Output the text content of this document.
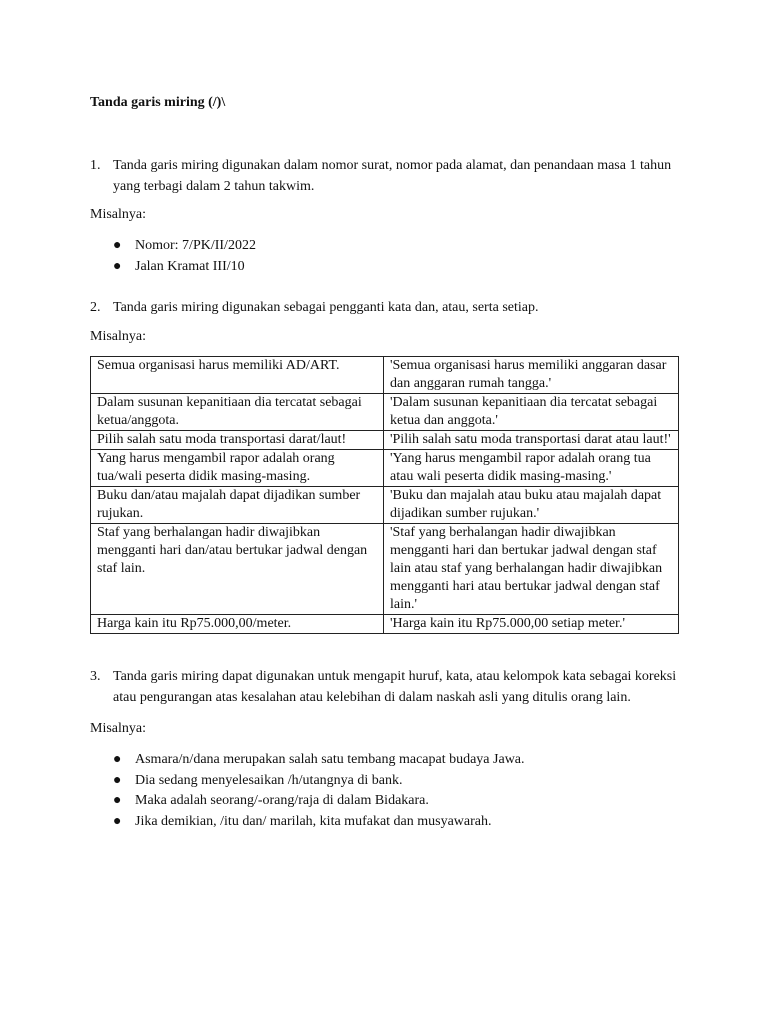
Tanda garis miring (/)\

1. Tanda garis miring digunakan dalam nomor surat, nomor pada alamat, dan penandaan masa 1 tahun yang terbagi dalam 2 tahun takwim.

Misalnya:

● Nomor: 7/PK/II/2022
● Jalan Kramat III/10

2. Tanda garis miring digunakan sebagai pengganti kata dan, atau, serta setiap.

Misalnya:

Semua organisasi harus memiliki AD/ART.	'Semua organisasi harus memiliki anggaran dasar dan anggaran rumah tangga.'
Dalam susunan kepanitiaan dia tercatat sebagai ketua/anggota.	'Dalam susunan kepanitiaan dia tercatat sebagai ketua dan anggota.'
Pilih salah satu moda transportasi darat/laut!	'Pilih salah satu moda transportasi darat atau laut!'
Yang harus mengambil rapor adalah orang tua/wali peserta didik masing-masing.	'Yang harus mengambil rapor adalah orang tua atau wali peserta didik masing-masing.'
Buku dan/atau majalah dapat dijadikan sumber rujukan.	'Buku dan majalah atau buku atau majalah dapat dijadikan sumber rujukan.'
Staf yang berhalangan hadir diwajibkan mengganti hari dan/atau bertukar jadwal dengan staf lain.	'Staf yang berhalangan hadir diwajibkan mengganti hari dan bertukar jadwal dengan staf lain atau staf yang berhalangan hadir diwajibkan mengganti hari atau bertukar jadwal dengan staf lain.'
Harga kain itu Rp75.000,00/meter.	'Harga kain itu Rp75.000,00 setiap meter.'

3. Tanda garis miring dapat digunakan untuk mengapit huruf, kata, atau kelompok kata sebagai koreksi atau pengurangan atas kesalahan atau kelebihan di dalam naskah asli yang ditulis orang lain.

Misalnya:

● Asmara/n/dana merupakan salah satu tembang macapat budaya Jawa.
● Dia sedang menyelesaikan /h/utangnya di bank.
● Maka adalah seorang/-orang/raja di dalam Bidakara.
● Jika demikian, /itu dan/ marilah, kita mufakat dan musyawarah.
